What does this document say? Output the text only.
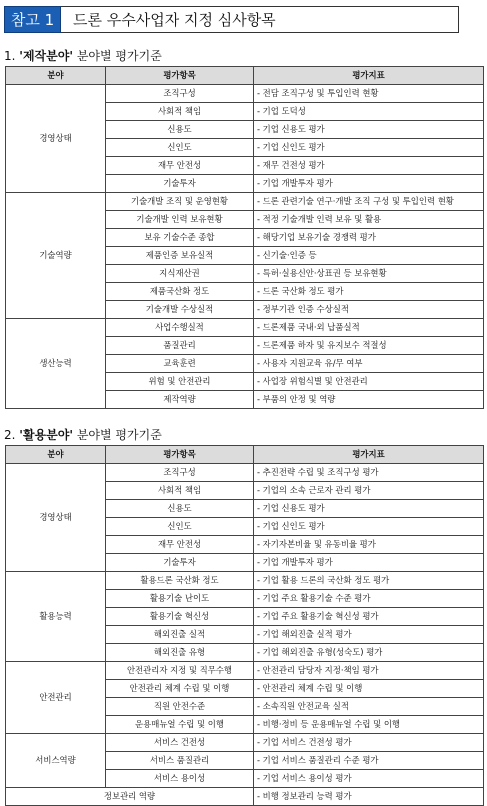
참고 1	드론 우수사업자 지정 심사항목
1. '제작분야' 분야별 평가기준
분야	평가항목	평가지표
경영상태	조직구성	- 전담 조직구성 및 투입인력 현황
	사회적 책임	- 기업 도덕성
	신용도	- 기업 신용도 평가
	신인도	- 기업 신인도 평가
	재무 안전성	- 재무 건전성 평가
	기술투자	- 기업 개발투자 평가
기술역량	기술개발 조직 및 운영현황	- 드론 관련기술 연구·개발 조직 구성 및 투입인력 현황
	기술개발 인력 보유현황	- 적정 기술개발 인력 보유 및 활용
	보유 기술수준 종합	- 해당기업 보유기술 경쟁력 평가
	제품인증 보유실적	- 신기술·인증 등
	지식재산권	- 특허·실용신안·상표권 등 보유현황
	제품국산화 정도	- 드론 국산화 정도 평가
	기술개발 수상실적	- 정부기관 인증 수상실적
생산능력	사업수행실적	- 드론제품 국내·외 납품실적
	품질관리	- 드론제품 하자 및 유지보수 적절성
	교육훈련	- 사용자 지원교육 유/무 여부
	위험 및 안전관리	- 사업장 위험식별 및 안전관리
	제작역량	- 부품의 안정 및 역량
2. '활용분야' 분야별 평가기준
분야	평가항목	평가지표
경영상태	조직구성	- 추진전략 수립 및 조직구성 평가
	사회적 책임	- 기업의 소속 근로자 관리 평가
	신용도	- 기업 신용도 평가
	신인도	- 기업 신인도 평가
	재무 안전성	- 자기자본비율 및 유동비율 평가
	기술투자	- 기업 개발투자 평가
활용능력	활용드론 국산화 정도	- 기업 활용 드론의 국산화 정도 평가
	활용기술 난이도	- 기업 주요 활용기술 수준 평가
	활용기술 혁신성	- 기업 주요 활용기술 혁신성 평가
	해외진출 실적	- 기업 해외진출 실적 평가
	해외진출 유형	- 기업 해외진출 유형(성숙도) 평가
안전관리	안전관리자 지정 및 직무수행	- 안전관리 담당자 지정·책임 평가
	안전관리 체계 수립 및 이행	- 안전관리 체계 수립 및 이행
	직원 안전수준	- 소속직원 안전교육 실적
	운용매뉴얼 수립 및 이행	- 비행·정비 등 운용매뉴얼 수립 및 이행
서비스역량	서비스 건전성	- 기업 서비스 건전성 평가
	서비스 품질관리	- 기업 서비스 품질관리 수준 평가
	서비스 용이성	- 기업 서비스 용이성 평가
정보관리 역량		- 비행 정보관리 능력 평가
